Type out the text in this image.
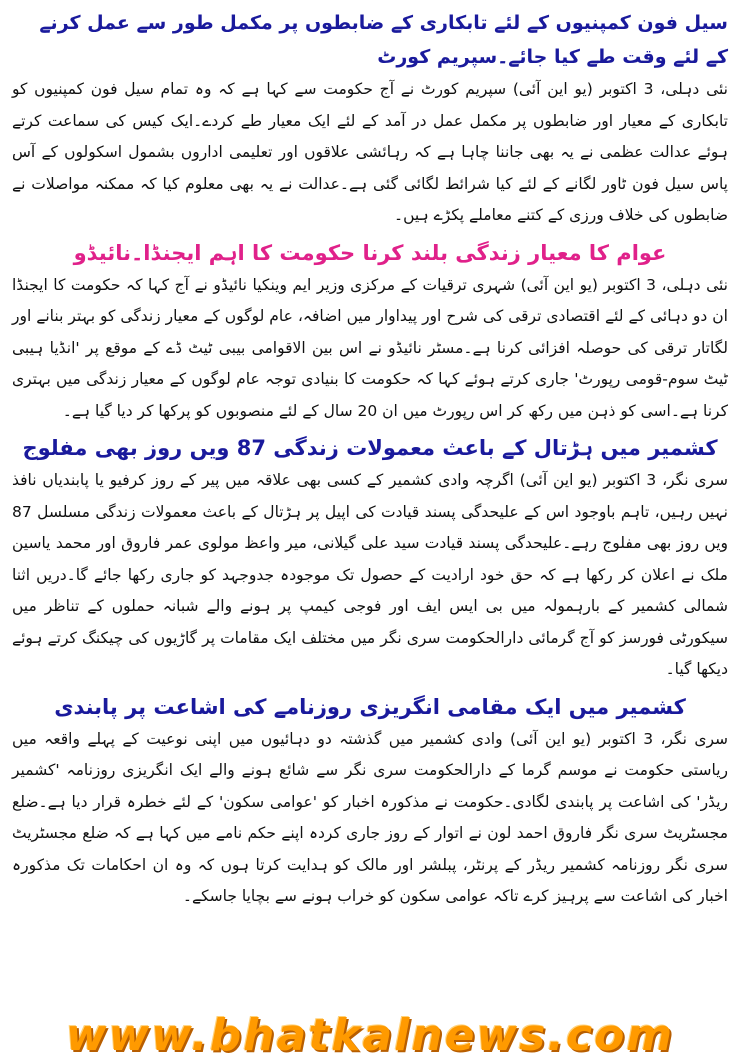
سیل فون کمپنیوں کے لئے تابکاری کے ضابطوں پر مکمل طور سے عمل کرنے کے لئے وقت طے کیا جائے۔سپریم کورٹ

نئی دہلی، 3 اکتوبر (یو این آئی) سپریم کورٹ نے آج حکومت سے کہا ہے کہ وہ تمام سیل فون کمپنیوں کو تابکاری کے معیار اور ضابطوں پر مکمل عمل در آمد کے لئے ایک معیار طے کردے۔ایک کیس کی سماعت کرتے ہوئے عدالت عظمی نے یہ بھی جاننا چاہا ہے کہ رہائشی علاقوں اور تعلیمی اداروں بشمول اسکولوں کے آس پاس سیل فون ٹاور لگانے کے لئے کیا شرائط لگائی گئی ہے۔عدالت نے یہ بھی معلوم کیا کہ ممکنہ مواصلات نے ضابطوں کی خلاف ورزی کے کتنے معاملے پکڑے ہیں۔

عوام کا معیار زندگی بلند کرنا حکومت کا اہم ایجنڈا۔نائیڈو

نئی دہلی، 3 اکتوبر (یو این آئی) شہری ترقیات کے مرکزی وزیر ایم وینکیا نائیڈو نے آج کہا کہ حکومت کا ایجنڈا ان دو دہائی کے لئے اقتصادی ترقی کی شرح اور پیداوار میں اضافہ، عام لوگوں کے معیار زندگی کو بہتر بنانے اور لگاتار ترقی کی حوصلہ افزائی کرنا ہے۔مسٹر نائیڈو نے اس بین الاقوامی بیبی ٹیٹ ڈے کے موقع پر 'انڈیا ہیبی ٹیٹ سوم-قومی رپورٹ' جاری کرتے ہوئے کہا کہ حکومت کا بنیادی توجہ عام لوگوں کے معیار زندگی میں بہتری کرنا ہے۔اسی کو ذہن میں رکھ کر اس رپورٹ میں ان 20 سال کے لئے منصوبوں کو پرکھا کر دیا گیا ہے۔

کشمیر میں ہڑتال کے باعث معمولات زندگی 87 ویں روز بھی مفلوج

سری نگر، 3 اکتوبر (یو این آئی) اگرچہ وادی کشمیر کے کسی بھی علاقہ میں پیر کے روز کرفیو یا پابندیاں نافذ نہیں رہیں، تاہم باوجود اس کے علیحدگی پسند قیادت کی اپیل پر ہڑتال کے باعث معمولات زندگی مسلسل 87 ویں روز بھی مفلوج رہے۔علیحدگی پسند قیادت سید علی گیلانی، میر واعظ مولوی عمر فاروق اور محمد یاسین ملک نے اعلان کر رکھا ہے کہ حق خود ارادیت کے حصول تک موجودہ جدوجہد کو جاری رکھا جائے گا۔دریں اثنا شمالی کشمیر کے بارہمولہ میں بی ایس ایف اور فوجی کیمپ پر ہونے والے شبانہ حملوں کے تناظر میں سیکورٹی فورسز کو آج گرمائی دارالحکومت سری نگر میں مختلف ایک مقامات پر گاڑیوں کی چیکنگ کرتے ہوئے دیکھا گیا۔

کشمیر میں ایک مقامی انگریزی روزنامے کی اشاعت پر پابندی

سری نگر، 3 اکتوبر (یو این آئی) وادی کشمیر میں گذشتہ دو دہائیوں میں اپنی نوعیت کے پہلے واقعہ میں ریاستی حکومت نے موسم گرما کے دارالحکومت سری نگر سے شائع ہونے والے ایک انگریزی روزنامہ 'کشمیر ریڈر' کی اشاعت پر پابندی لگادی۔حکومت نے مذکورہ اخبار کو 'عوامی سکون' کے لئے خطرہ قرار دیا ہے۔ضلع مجسٹریٹ سری نگر فاروق احمد لون نے اتوار کے روز جاری کردہ اپنے حکم نامے میں کہا ہے کہ ضلع مجسٹریٹ سری نگر روزنامہ کشمیر ریڈر کے پرنٹر، پبلشر اور مالک کو ہدایت کرتا ہوں کہ وہ ان احکامات تک مذکورہ اخبار کی اشاعت سے پرہیز کرے تاکہ عوامی سکون کو خراب ہونے سے بچایا جاسکے۔

www.bhatkalnews.com
